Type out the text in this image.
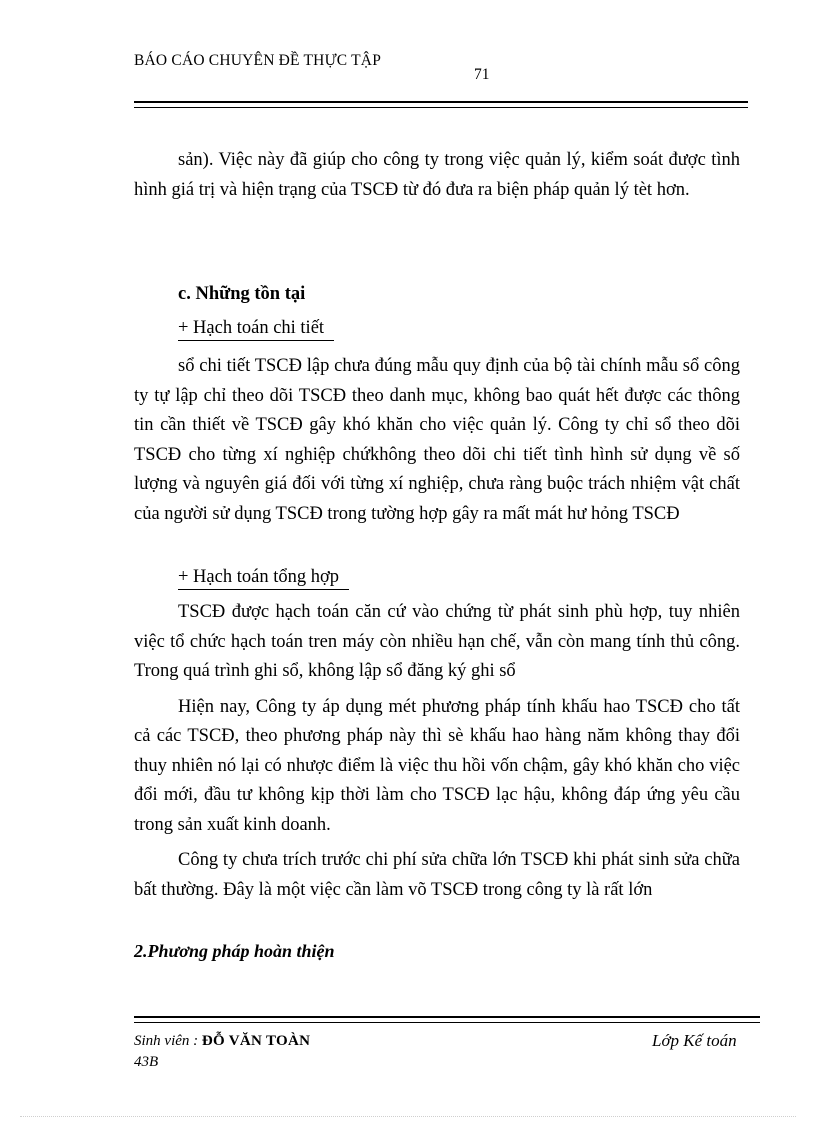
BÁO CÁO CHUYÊN ĐỀ THỰC TẬP
71

sản). Việc này đã giúp cho công ty trong việc quản lý, kiểm soát được tình hình giá trị và hiện trạng của TSCĐ từ đó đưa ra biện pháp quản lý tèt hơn.

c. Những tồn tại
+ Hạch toán chi tiết

sổ chi tiết TSCĐ lập chưa đúng mẫu quy định của bộ tài chính mẫu sổ công ty tự lập chỉ theo dõi TSCĐ theo danh mục, không bao quát hết được các thông tin cần thiết về TSCĐ gây khó khăn cho việc quản lý. Công ty chỉ sổ theo dõi TSCĐ cho từng xí nghiệp chứkhông theo dõi chi tiết tình hình sử dụng về số lượng và nguyên giá đối với từng xí nghiệp, chưa ràng buộc trách nhiệm vật chất của người sử dụng TSCĐ trong tường hợp gây ra mất mát hư hỏng TSCĐ

+ Hạch toán tổng hợp

TSCĐ được hạch toán căn cứ vào chứng từ phát sinh phù hợp, tuy nhiên việc tổ chức hạch toán tren máy còn nhiều hạn chế, vẫn còn mang tính thủ công. Trong quá trình ghi sổ, không lập sổ đăng ký ghi sổ

Hiện nay, Công ty áp dụng mét phương pháp tính khấu hao TSCĐ cho tất cả các TSCĐ, theo phương pháp này thì sè khấu hao hàng năm không thay đổi thuy nhiên nó lại có nhược điểm là việc thu hồi vốn chậm, gây khó khăn cho việc đổi mới, đầu tư không kịp thời làm cho TSCĐ lạc hậu, không đáp ứng yêu cầu trong sản xuất kinh doanh.

Công ty chưa trích trước chi phí sửa chữa lớn TSCĐ khi phát sinh sửa chữa bất thường. Đây là một việc cần làm võ TSCĐ trong công ty là rất lớn

2.Phương pháp hoàn thiện
Sinh viên : ĐỖ VĂN TOÀN
43B
Lớp Kế toán
